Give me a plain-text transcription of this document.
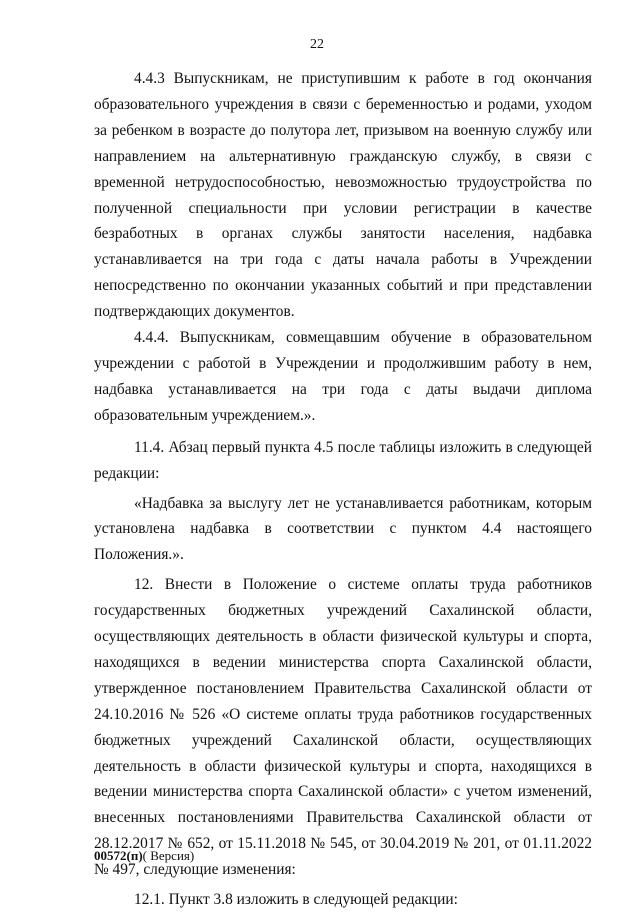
22

4.4.3 Выпускникам, не приступившим к работе в год окончания образовательного учреждения в связи с беременностью и родами, уходом за ребенком в возрасте до полутора лет, призывом на военную службу или направлением на альтернативную гражданскую службу, в связи с временной нетрудоспособностью, невозможностью трудоустройства по полученной специальности при условии регистрации в качестве безработных в органах службы занятости населения, надбавка устанавливается на три года с даты начала работы в Учреждении непосредственно по окончании указанных событий и при представлении подтверждающих документов.

4.4.4. Выпускникам, совмещавшим обучение в образовательном учреждении с работой в Учреждении и продолжившим работу в нем, надбавка устанавливается на три года с даты выдачи диплома образовательным учреждением.».

11.4. Абзац первый пункта 4.5 после таблицы изложить в следующей редакции:

«Надбавка за выслугу лет не устанавливается работникам, которым установлена надбавка в соответствии с пунктом 4.4 настоящего Положения.».

12. Внести в Положение о системе оплаты труда работников государственных бюджетных учреждений Сахалинской области, осуществляющих деятельность в области физической культуры и спорта, находящихся в ведении министерства спорта Сахалинской области, утвержденное постановлением Правительства Сахалинской области от 24.10.2016 № 526 «О системе оплаты труда работников государственных бюджетных учреждений Сахалинской области, осуществляющих деятельность в области физической культуры и спорта, находящихся в ведении министерства спорта Сахалинской области» с учетом изменений, внесенных постановлениями Правительства Сахалинской области от 28.12.2017 № 652, от 15.11.2018 № 545, от 30.04.2019 № 201, от 01.11.2022 № 497, следующие изменения:

12.1. Пункт 3.8 изложить в следующей редакции:

00572(п)( Версия)
